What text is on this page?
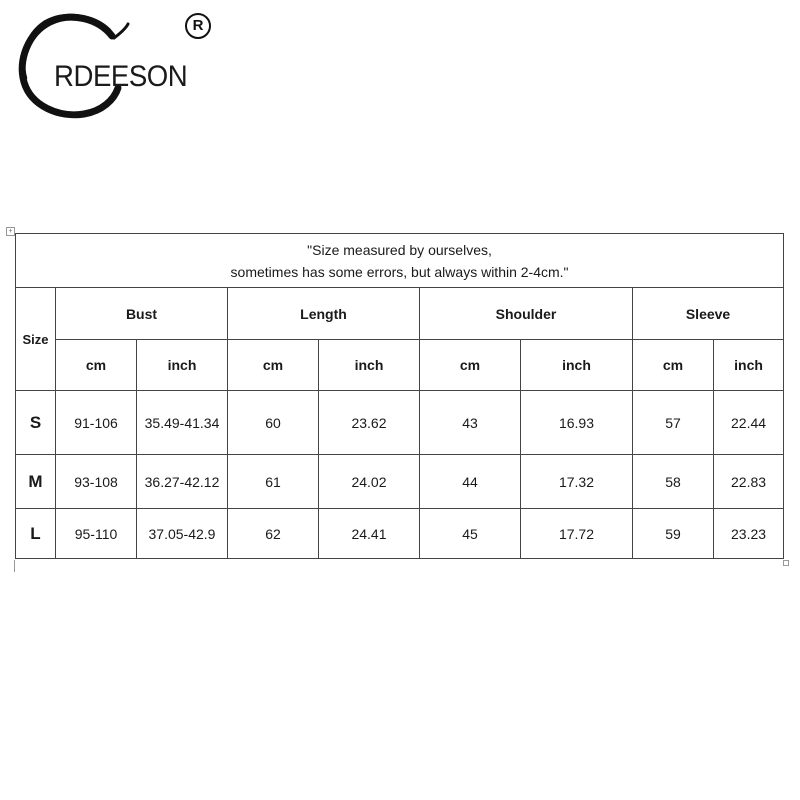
RDEESON
R
+
"Size measured by ourselves,
sometimes has some errors, but always within 2-4cm."								

Size	Bust		Length		Shoulder		Sleeve	
	cm	inch	cm	inch	cm	inch	cm	inch
S	91-106	35.49-41.34	60	23.62	43	16.93	57	22.44
M	93-108	36.27-42.12	61	24.02	44	17.32	58	22.83
L	95-110	37.05-42.9	62	24.41	45	17.72	59	23.23
